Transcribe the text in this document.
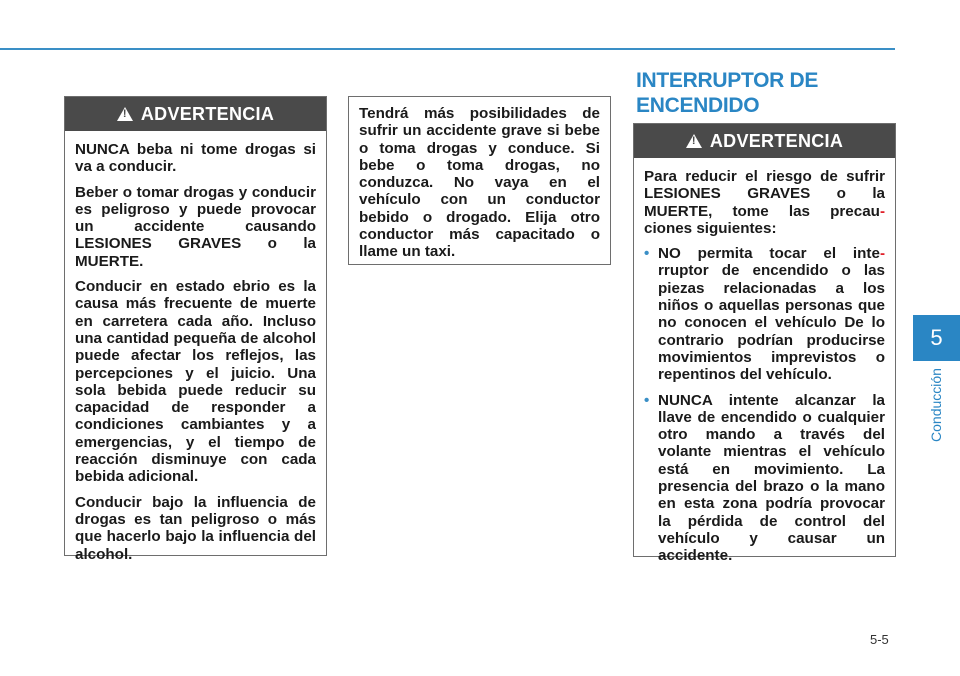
!
ADVERTENCIA

NUNCA beba ni tome drogas si va a conducir.

Beber o tomar drogas y conducir es peligroso y puede provocar un accidente causando LESIONES GRAVES o la MUERTE.

Conducir en estado ebrio es la causa más frecuente de muerte en carretera cada año. Incluso una cantidad pequeña de alcohol puede afectar los reflejos, las percepciones y el juicio. Una sola bebida puede reducir su capacidad de responder a condiciones cambiantes y a emergencias, y el tiempo de reacción disminuye con cada bebida adicional.

Conducir bajo la influencia de drogas es tan peligroso o más que hacerlo bajo la influencia del alcohol.

Tendrá más posibilidades de sufrir un accidente grave si bebe o toma drogas y conduce. Si bebe o toma drogas, no conduzca. No vaya en el vehículo con un conductor bebido o drogado. Elija otro conductor más capacitado o llame un taxi.

INTERRUPTOR DE
ENCENDIDO
!
ADVERTENCIA

Para reducir el riesgo de sufrir LESIONES GRAVES o la MUERTE, tome las precau- ciones siguientes:

• NO permita tocar el inte- rruptor de encendido o las piezas relacionadas a los niños o aquellas personas que no conocen el vehículo De lo contrario podrían producirse movimientos imprevistos o repentinos del vehículo.

• NUNCA intente alcanzar la llave de encendido o cualquier otro mando a través del volante mientras el vehículo está en movimiento. La presencia del brazo o la mano en esta zona podría provocar la pérdida de control del vehículo y causar un accidente.

5
Conducción
5-5
